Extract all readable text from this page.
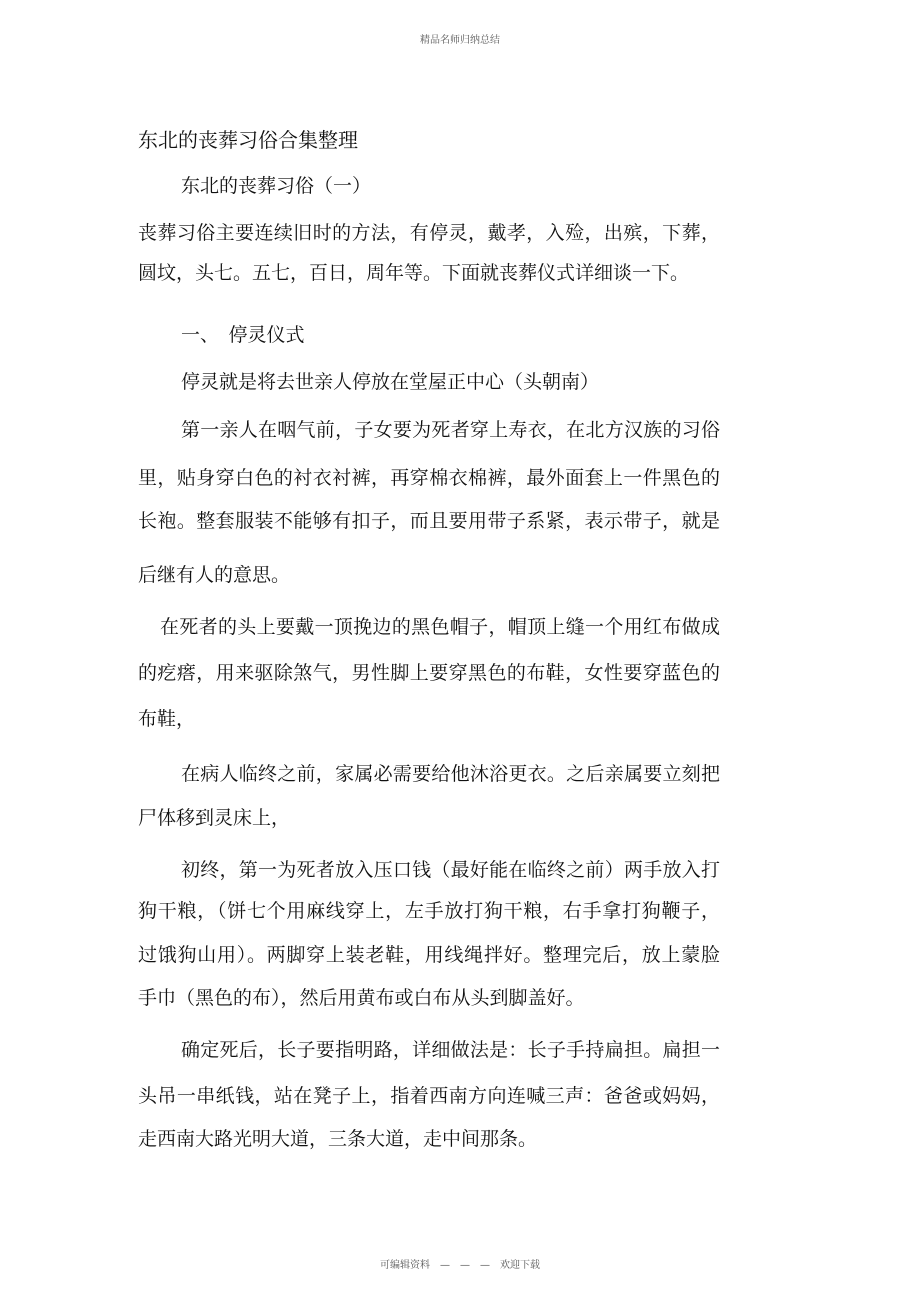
精品名师归纳总结
东北的丧葬习俗合集整理
东北的丧葬习俗（一）
丧葬习俗主要连续旧时的方法，有停灵，戴孝，入殓，出殡，下葬，
圆坟，头七。五七，百日，周年等。下面就丧葬仪式详细谈一下。
一、　停灵仪式
停灵就是将去世亲人停放在堂屋正中心（头朝南）
第一亲人在咽气前，子女要为死者穿上寿衣，在北方汉族的习俗
里，贴身穿白色的衬衣衬裤，再穿棉衣棉裤，最外面套上一件黑色的
长袍。整套服装不能够有扣子，而且要用带子系紧，表示带子，就是
后继有人的意思。
在死者的头上要戴一顶挽边的黑色帽子，帽顶上缝一个用红布做成
的疙瘩，用来驱除煞气，男性脚上要穿黑色的布鞋，女性要穿蓝色的
布鞋，
在病人临终之前，家属必需要给他沐浴更衣。之后亲属要立刻把
尸体移到灵床上，
初终，第一为死者放入压口钱（最好能在临终之前）两手放入打
狗干粮，（饼七个用麻线穿上，左手放打狗干粮，右手拿打狗鞭子，
过饿狗山用）。两脚穿上装老鞋，用线绳拌好。整理完后，放上蒙脸
手巾（黑色的布），然后用黄布或白布从头到脚盖好。
确定死后，长子要指明路，详细做法是：长子手持扁担。扁担一
头吊一串纸钱，站在凳子上，指着西南方向连喊三声：爸爸或妈妈，
走西南大路光明大道，三条大道，走中间那条。
可编辑资料　—　—　—　欢迎下载
